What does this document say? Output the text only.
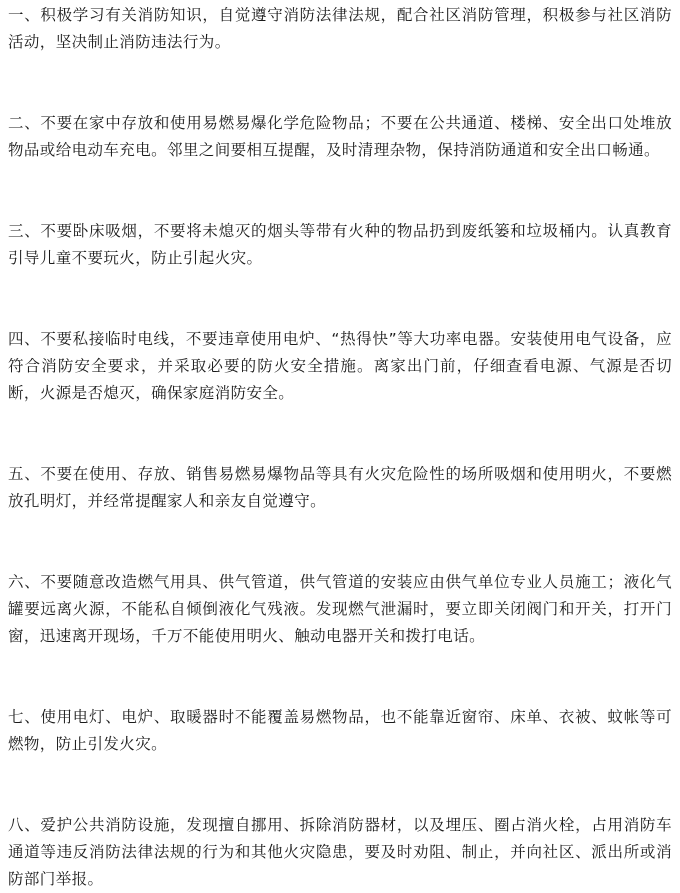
一、积极学习有关消防知识，自觉遵守消防法律法规，配合社区消防管理，积极参与社区消防活动，坚决制止消防违法行为。

二、不要在家中存放和使用易燃易爆化学危险物品；不要在公共通道、楼梯、安全出口处堆放物品或给电动车充电。邻里之间要相互提醒，及时清理杂物，保持消防通道和安全出口畅通。

三、不要卧床吸烟，不要将未熄灭的烟头等带有火种的物品扔到废纸篓和垃圾桶内。认真教育引导儿童不要玩火，防止引起火灾。

四、不要私接临时电线，不要违章使用电炉、“热得快”等大功率电器。安装使用电气设备，应符合消防安全要求，并采取必要的防火安全措施。离家出门前，仔细查看电源、气源是否切断，火源是否熄灭，确保家庭消防安全。

五、不要在使用、存放、销售易燃易爆物品等具有火灾危险性的场所吸烟和使用明火，不要燃放孔明灯，并经常提醒家人和亲友自觉遵守。

六、不要随意改造燃气用具、供气管道，供气管道的安装应由供气单位专业人员施工；液化气罐要远离火源，不能私自倾倒液化气残液。发现燃气泄漏时，要立即关闭阀门和开关，打开门窗，迅速离开现场，千万不能使用明火、触动电器开关和拨打电话。

七、使用电灯、电炉、取暖器时不能覆盖易燃物品，也不能靠近窗帘、床单、衣被、蚊帐等可燃物，防止引发火灾。

八、爱护公共消防设施，发现擅自挪用、拆除消防器材，以及埋压、圈占消火栓，占用消防车通道等违反消防法律法规的行为和其他火灾隐患，要及时劝阻、制止，并向社区、派出所或消防部门举报。
